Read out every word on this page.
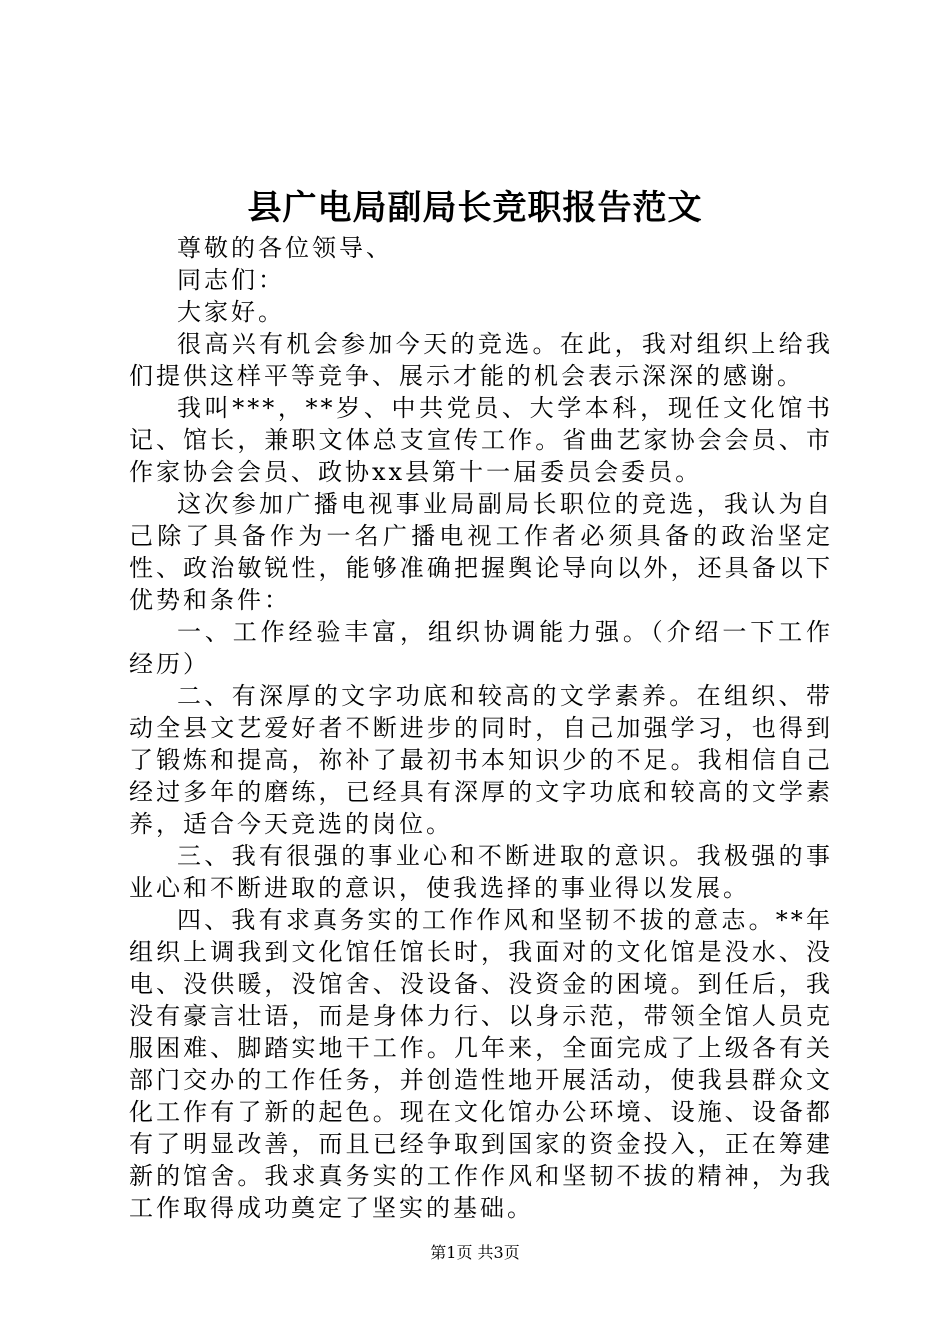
县广电局副局长竞职报告范文

尊敬的各位领导、

同志们：

大家好。

很高兴有机会参加今天的竞选。在此，我对组织上给我们提供这样平等竞争、展示才能的机会表示深深的感谢。

我叫***，**岁、中共党员、大学本科，现任文化馆书记、馆长，兼职文体总支宣传工作。省曲艺家协会会员、市作家协会会员、政协xx县第十一届委员会委员。

这次参加广播电视事业局副局长职位的竞选，我认为自己除了具备作为一名广播电视工作者必须具备的政治坚定性、政治敏锐性，能够准确把握舆论导向以外，还具备以下优势和条件：

一、工作经验丰富，组织协调能力强。（介绍一下工作经历）

二、有深厚的文字功底和较高的文学素养。在组织、带动全县文艺爱好者不断进步的同时，自己加强学习，也得到了锻炼和提高，祢补了最初书本知识少的不足。我相信自己经过多年的磨练，已经具有深厚的文字功底和较高的文学素养，适合今天竞选的岗位。

三、我有很强的事业心和不断进取的意识。我极强的事业心和不断进取的意识，使我选择的事业得以发展。

四、我有求真务实的工作作风和坚韧不拔的意志。**年组织上调我到文化馆任馆长时，我面对的文化馆是没水、没电、没供暖，没馆舍、没设备、没资金的困境。到任后，我没有豪言壮语，而是身体力行、以身示范，带领全馆人员克服困难、脚踏实地干工作。几年来，全面完成了上级各有关部门交办的工作任务，并创造性地开展活动，使我县群众文化工作有了新的起色。现在文化馆办公环境、设施、设备都有了明显改善，而且已经争取到国家的资金投入，正在筹建新的馆舍。我求真务实的工作作风和坚韧不拔的精神，为我工作取得成功奠定了坚实的基础。

第1页 共3页
